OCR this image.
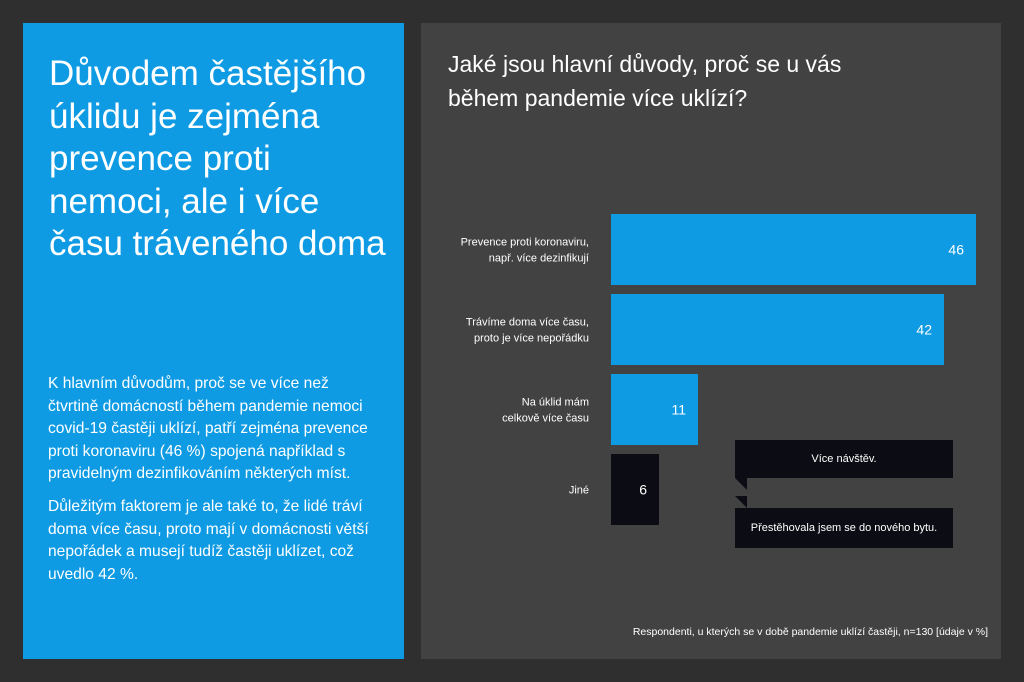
Důvodem častějšího úklidu je zejména prevence proti nemoci, ale i více času tráveného doma

K hlavním důvodům, proč se ve více než čtvrtině domácností během pandemie nemoci covid-19 častěji uklízí, patří zejména prevence proti koronaviru (46 %) spojená například s pravidelným dezinfikováním některých míst.

Důležitým faktorem je ale také to, že lidé tráví doma více času, proto mají v domácnosti větší nepořádek a musejí tudíž častěji uklízet, což uvedlo 42 %.

Jaké jsou hlavní důvody, proč se u vás během pandemie více uklízí?
46
Prevence proti koronaviru, např. více dezinfikují
42
Trávíme doma více času, proto je více nepořádku
11
Na úklid mám celkově více času
6
Jiné
Více návštěv.
Přestěhovala jsem se do nového bytu.
Respondenti, u kterých se v době pandemie uklízí častěji, n=130 [údaje v %]
